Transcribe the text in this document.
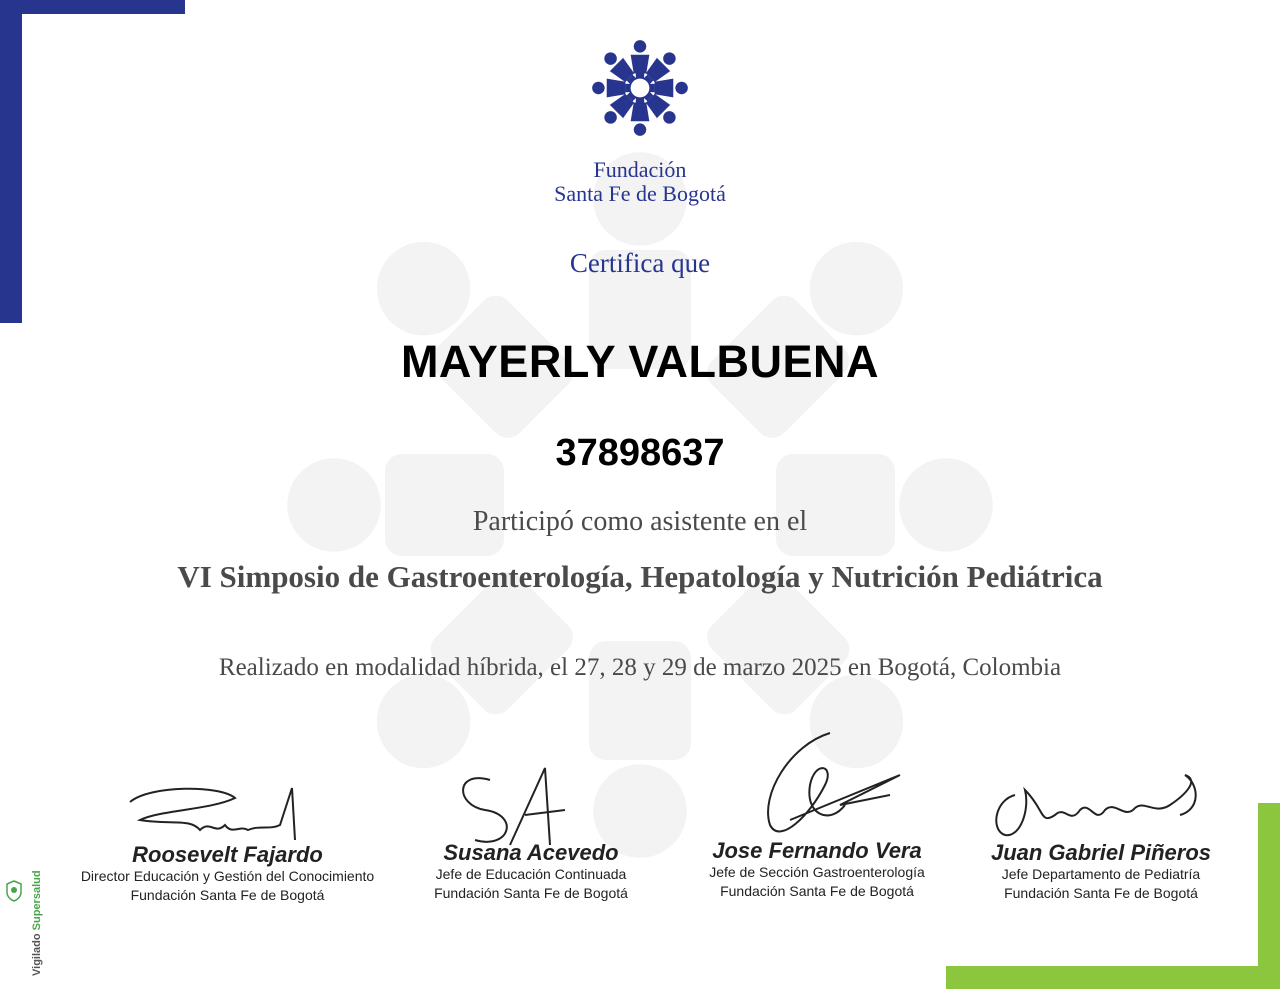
Fundación
Santa Fe de Bogotá
Certifica que
MAYERLY VALBUENA
37898637
Participó como asistente en el
VI Simposio de Gastroenterología, Hepatología y Nutrición Pediátrica
Realizado en modalidad híbrida, el 27, 28 y 29 de marzo 2025 en Bogotá, Colombia
Roosevelt Fajardo
Director Educación y Gestión del Conocimiento
Fundación Santa Fe de Bogotá
Susana Acevedo
Jefe de Educación Continuada
Fundación Santa Fe de Bogotá
Jose Fernando Vera
Jefe de Sección Gastroenterología
Fundación Santa Fe de Bogotá
Juan Gabriel Piñeros
Jefe Departamento de Pediatría
Fundación Santa Fe de Bogotá
Vigilado Supersalud
